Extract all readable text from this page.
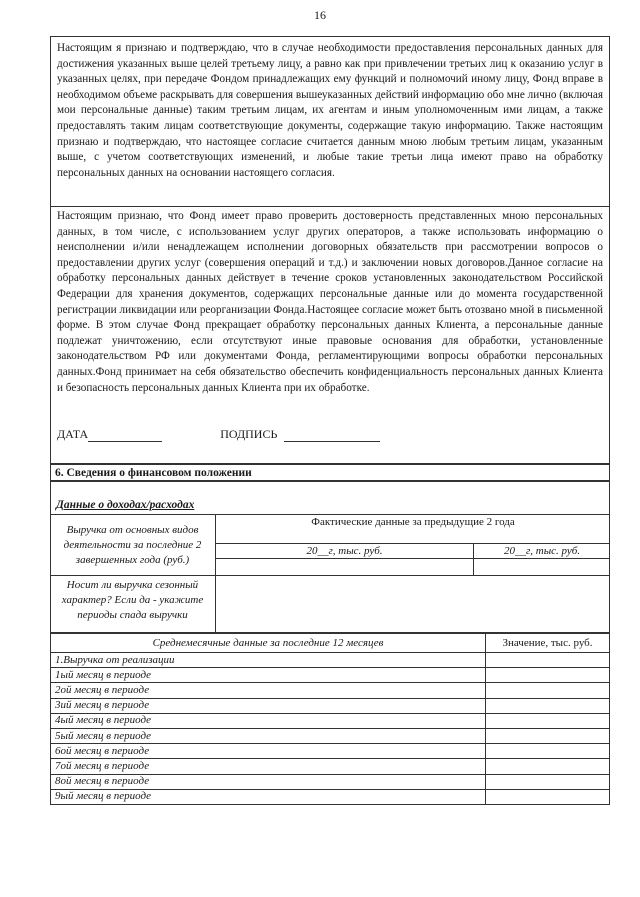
16

Настоящим я признаю и подтверждаю, что в случае необходимости предоставления персональных данных для достижения указанных выше целей третьему лицу, а равно как при привлечении третьих лиц к оказанию услуг в указанных целях, при передаче Фондом принадлежащих ему функций и полномочий иному лицу, Фонд вправе в необходимом объеме раскрывать для совершения вышеуказанных действий информацию обо мне лично (включая мои персональные данные) таким третьим лицам, их агентам и иным уполномоченным ими лицам, а также предоставлять таким лицам соответствующие документы, содержащие такую информацию. Также настоящим признаю и подтверждаю, что настоящее согласие считается данным мною любым третьим лицам, указанным выше, с учетом соответствующих изменений, и любые такие третьи лица имеют право на обработку персональных данных на основании настоящего согласия.

Настоящим признаю, что Фонд имеет право проверить достоверность представленных мною персональных данных, в том числе, с использованием услуг других операторов, а также использовать информацию о неисполнении и/или ненадлежащем исполнении договорных обязательств при рассмотрении вопросов о предоставлении других услуг (совершения операций и т.д.) и заключении новых договоров.Данное согласие на обработку персональных данных действует в течение сроков установленных законодательством Российской Федерации для хранения документов, содержащих персональные данные или до момента государственной регистрации ликвидации или реорганизации Фонда.Настоящее согласие может быть отозвано мной в письменной форме. В этом случае Фонд прекращает обработку персональных данных Клиента, а персональные данные подлежат уничтожению, если отсутствуют иные правовые основания для обработки, установленные законодательством РФ или документами Фонда, регламентирующими вопросы обработки персональных данных.Фонд принимает на себя обязательство обеспечить конфиденциальность персональных данных Клиента и безопасность персональных данных Клиента при их обработке.

ДАТА	ПОДПИСЬ
6. Сведения о финансовом положении
Данные о доходах/расходах
Выручка от основных видов деятельности за последние 2 завершенных года (руб.)
Фактические данные за предыдущие 2 года
20__г, тыс. руб.	20__г, тыс. руб.
Носит ли выручка сезонный характер? Если да - укажите периоды спада выручки
Среднемесячные данные за последние 12 месяцев	Значение, тыс. руб.
1.Выручка от реализации	
1ый месяц в периоде	
2ой месяц в периоде	
3ий месяц в периоде	
4ый месяц в периоде	
5ый месяц в периоде	
6ой месяц в периоде	
7ой месяц в периоде	
8ой месяц в периоде	
9ый месяц в периоде	
